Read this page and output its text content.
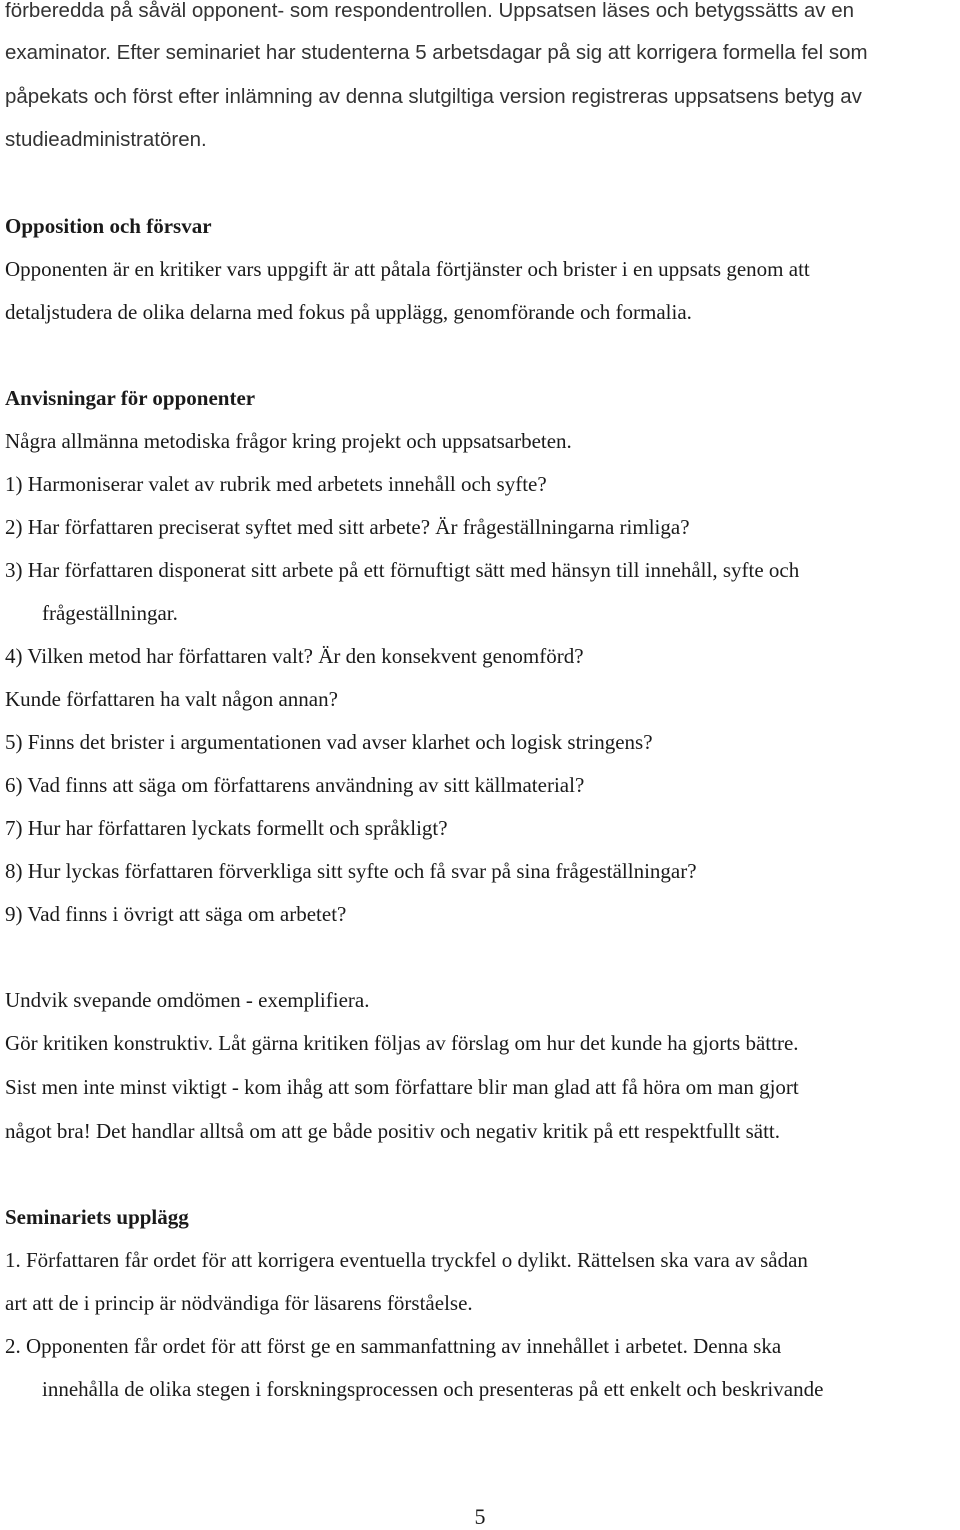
förberedda på såväl opponent- som respondentrollen. Uppsatsen läses och betygssätts av en
examinator. Efter seminariet har studenterna 5 arbetsdagar på sig att korrigera formella fel som
påpekats och först efter inlämning av denna slutgiltiga version registreras uppsatsens betyg av
studieadministratören.
Opposition och försvar
Opponenten är en kritiker vars uppgift är att påtala förtjänster och brister i en uppsats genom att
detaljstudera de olika delarna med fokus på upplägg, genomförande och formalia.
Anvisningar för opponenter
Några allmänna metodiska frågor kring projekt och uppsatsarbeten.
1) Harmoniserar valet av rubrik med arbetets innehåll och syfte?
2) Har författaren preciserat syftet med sitt arbete? Är frågeställningarna rimliga?
3) Har författaren disponerat sitt arbete på ett förnuftigt sätt med hänsyn till innehåll, syfte och
frågeställningar.
4) Vilken metod har författaren valt? Är den konsekvent genomförd?
Kunde författaren ha valt någon annan?
5) Finns det brister i argumentationen vad avser klarhet och logisk stringens?
6) Vad finns att säga om författarens användning av sitt källmaterial?
7) Hur har författaren lyckats formellt och språkligt?
8) Hur lyckas författaren förverkliga sitt syfte och få svar på sina frågeställningar?
9) Vad finns i övrigt att säga om arbetet?
Undvik svepande omdömen - exemplifiera.
Gör kritiken konstruktiv. Låt gärna kritiken följas av förslag om hur det kunde ha gjorts bättre.
Sist men inte minst viktigt - kom ihåg att som författare blir man glad att få höra om man gjort
något bra! Det handlar alltså om att ge både positiv och negativ kritik på ett respektfullt sätt.
Seminariets upplägg
1. Författaren får ordet för att korrigera eventuella tryckfel o dylikt. Rättelsen ska vara av sådan
art att de i princip är nödvändiga för läsarens förståelse.
2. Opponenten får ordet för att först ge en sammanfattning av innehållet i arbetet. Denna ska
innehålla de olika stegen i forskningsprocessen och presenteras på ett enkelt och beskrivande
5
